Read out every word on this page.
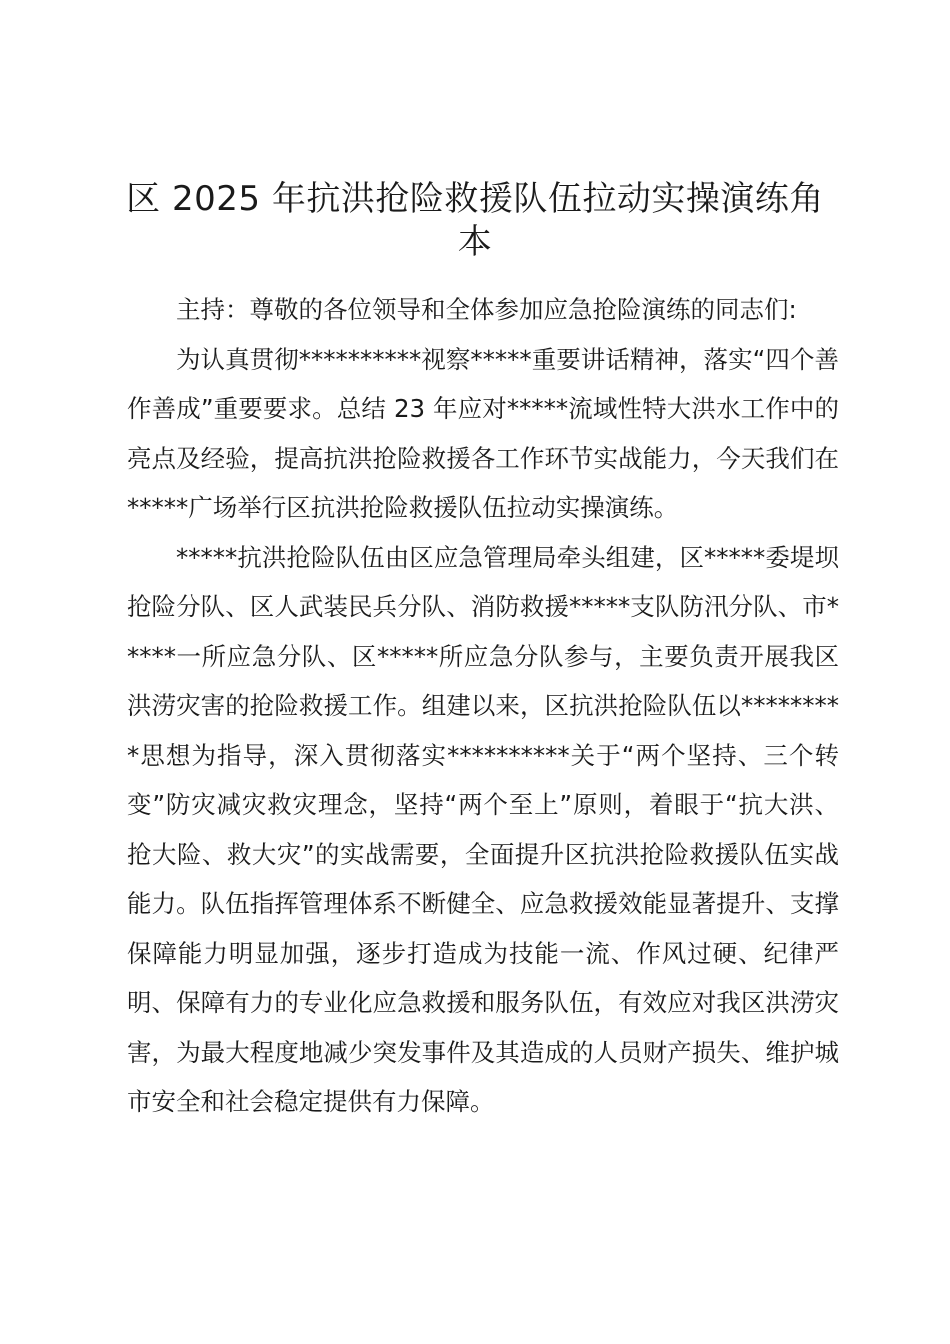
区 2025 年抗洪抢险救援队伍拉动实操演练角本

主持：尊敬的各位领导和全体参加应急抢险演练的同志们:

为认真贯彻**********视察*****重要讲话精神，落实“四个善作善成”重要要求。总结 23 年应对*****流域性特大洪水工作中的亮点及经验，提高抗洪抢险救援各工作环节实战能力，今天我们在*****广场举行区抗洪抢险救援队伍拉动实操演练。

*****抗洪抢险队伍由区应急管理局牵头组建，区*****委堤坝抢险分队、区人武装民兵分队、消防救援*****支队防汛分队、市*****一所应急分队、区*****所应急分队参与，主要负责开展我区洪涝灾害的抢险救援工作。组建以来，区抗洪抢险队伍以*********思想为指导，深入贯彻落实**********关于“两个坚持、三个转变”防灾减灾救灾理念，坚持“两个至上”原则，着眼于“抗大洪、抢大险、救大灾”的实战需要，全面提升区抗洪抢险救援队伍实战能力。队伍指挥管理体系不断健全、应急救援效能显著提升、支撑保障能力明显加强，逐步打造成为技能一流、作风过硬、纪律严明、保障有力的专业化应急救援和服务队伍，有效应对我区洪涝灾害，为最大程度地减少突发事件及其造成的人员财产损失、维护城市安全和社会稳定提供有力保障。
